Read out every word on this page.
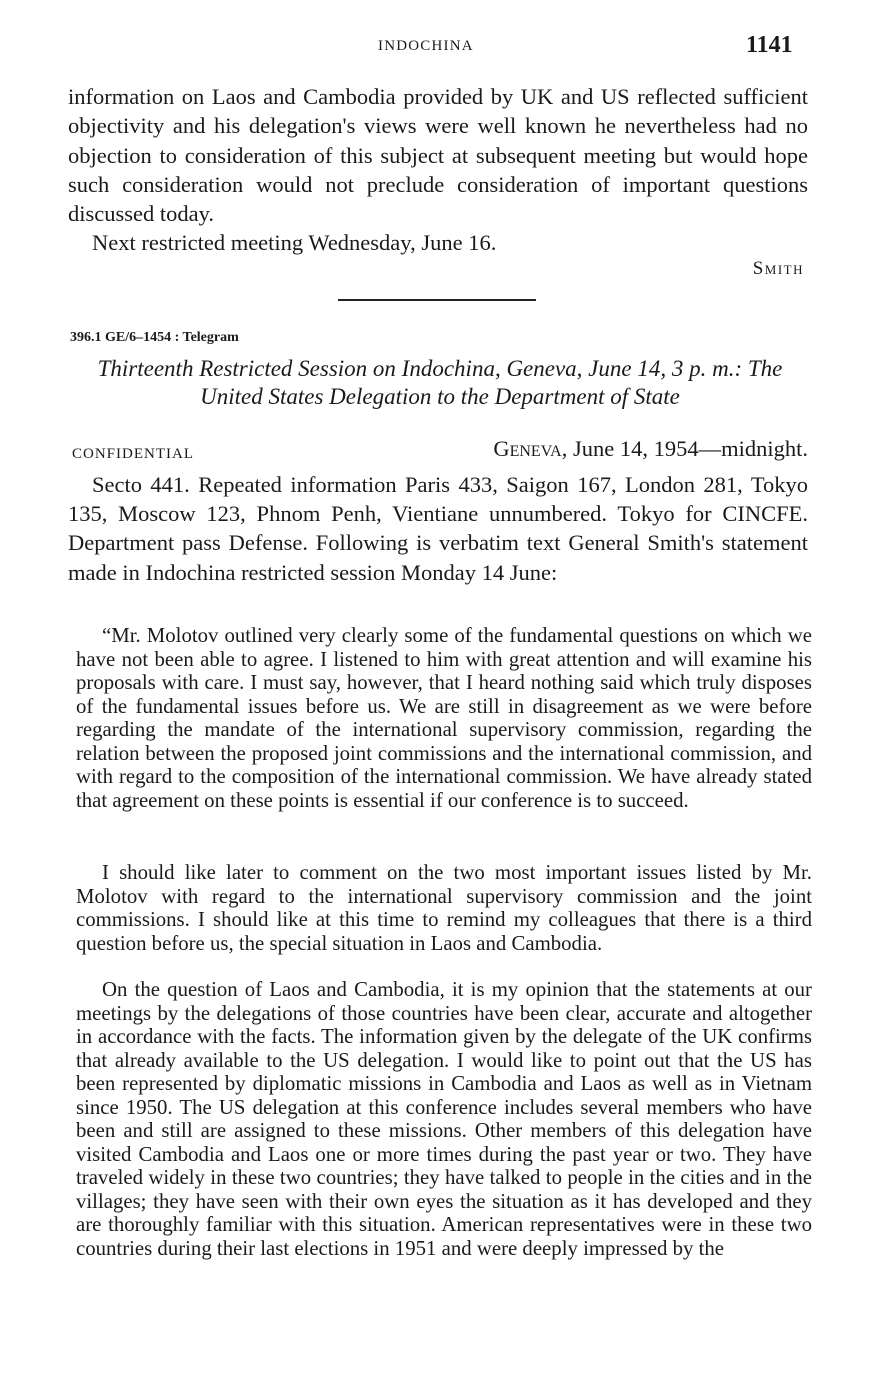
INDOCHINA	1141

information on Laos and Cambodia provided by UK and US reflected sufficient objectivity and his delegation's views were well known he nevertheless had no objection to consideration of this subject at subsequent meeting but would hope such consideration would not preclude consideration of important questions discussed today.

Next restricted meeting Wednesday, June 16.

Smith
396.1 GE/6–1454 : Telegram
Thirteenth Restricted Session on Indochina, Geneva, June 14, 3 p. m.: The United States Delegation to the Department of State
CONFIDENTIAL	Geneva, June 14, 1954—midnight.

Secto 441. Repeated information Paris 433, Saigon 167, London 281, Tokyo 135, Moscow 123, Phnom Penh, Vientiane unnumbered. Tokyo for CINCFE. Department pass Defense. Following is verbatim text General Smith's statement made in Indochina restricted session Monday 14 June:

“Mr. Molotov outlined very clearly some of the fundamental questions on which we have not been able to agree. I listened to him with great attention and will examine his proposals with care. I must say, however, that I heard nothing said which truly disposes of the fundamental issues before us. We are still in disagreement as we were before regarding the mandate of the international supervisory commission, regarding the relation between the proposed joint commissions and the international commission, and with regard to the composition of the international commission. We have already stated that agreement on these points is essential if our conference is to succeed.

I should like later to comment on the two most important issues listed by Mr. Molotov with regard to the international supervisory commission and the joint commissions. I should like at this time to remind my colleagues that there is a third question before us, the special situation in Laos and Cambodia.

On the question of Laos and Cambodia, it is my opinion that the statements at our meetings by the delegations of those countries have been clear, accurate and altogether in accordance with the facts. The information given by the delegate of the UK confirms that already available to the US delegation. I would like to point out that the US has been represented by diplomatic missions in Cambodia and Laos as well as in Vietnam since 1950. The US delegation at this conference includes several members who have been and still are assigned to these missions. Other members of this delegation have visited Cambodia and Laos one or more times during the past year or two. They have traveled widely in these two countries; they have talked to people in the cities and in the villages; they have seen with their own eyes the situation as it has developed and they are thoroughly familiar with this situation. American representatives were in these two countries during their last elections in 1951 and were deeply impressed by the
